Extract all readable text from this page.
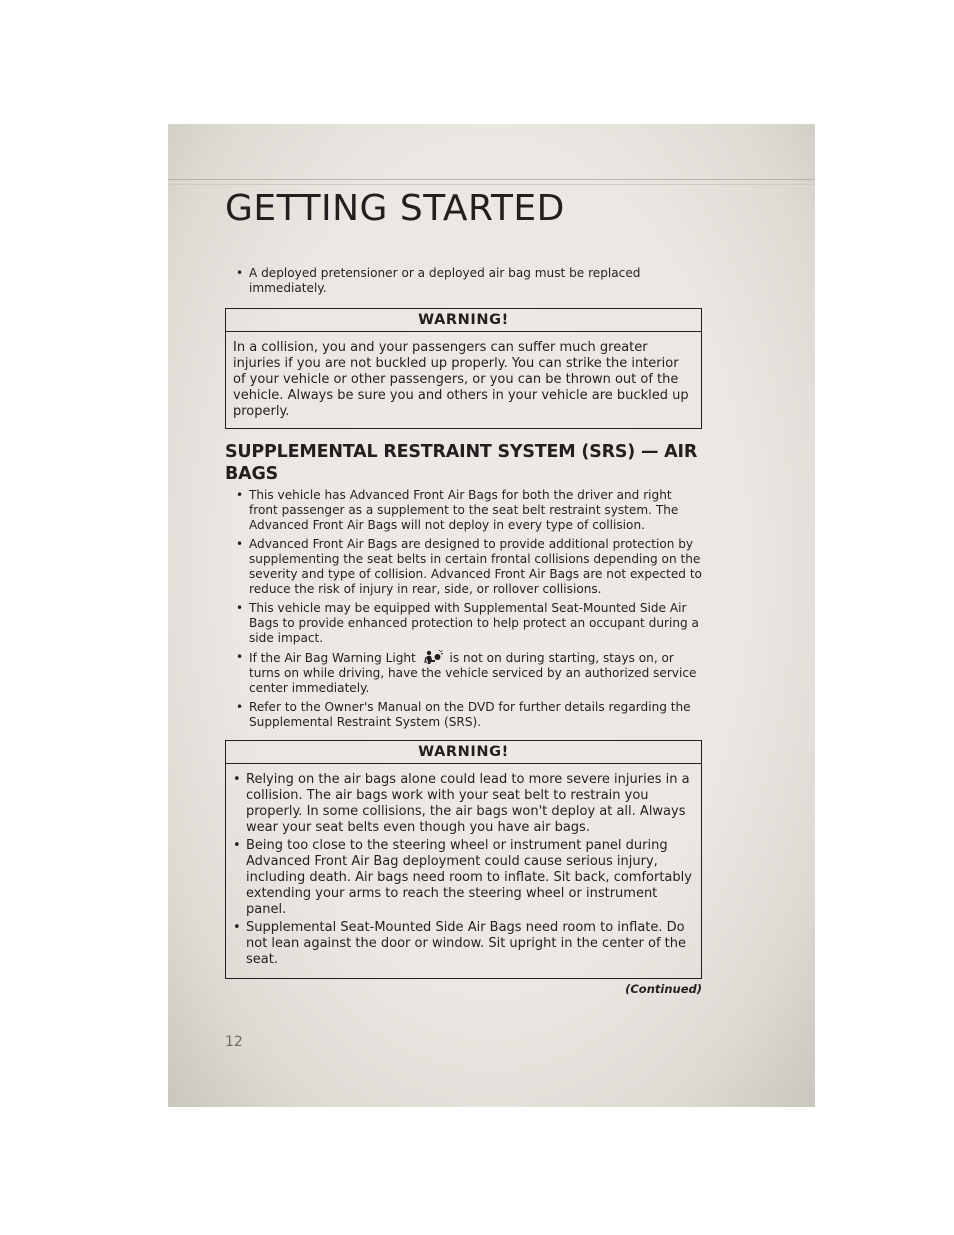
GETTING STARTED
• A deployed pretensioner or a deployed air bag must be replaced immediately.
WARNING!
In a collision, you and your passengers can suffer much greater injuries if you are not buckled up properly. You can strike the interior of your vehicle or other passengers, or you can be thrown out of the vehicle. Always be sure you and others in your vehicle are buckled up properly.
SUPPLEMENTAL RESTRAINT SYSTEM (SRS) — AIR BAGS
• This vehicle has Advanced Front Air Bags for both the driver and right front passenger as a supplement to the seat belt restraint system. The Advanced Front Air Bags will not deploy in every type of collision.
• Advanced Front Air Bags are designed to provide additional protection by supplementing the seat belts in certain frontal collisions depending on the severity and type of collision. Advanced Front Air Bags are not expected to reduce the risk of injury in rear, side, or rollover collisions.
• This vehicle may be equipped with Supplemental Seat-Mounted Side Air Bags to provide enhanced protection to help protect an occupant during a side impact.
• If the Air Bag Warning Light	is not on during starting, stays on, or turns on while driving, have the vehicle serviced by an authorized service center immediately.
• Refer to the Owner's Manual on the DVD for further details regarding the Supplemental Restraint System (SRS).
WARNING!
• Relying on the air bags alone could lead to more severe injuries in a collision. The air bags work with your seat belt to restrain you properly. In some collisions, the air bags won't deploy at all. Always wear your seat belts even though you have air bags.
• Being too close to the steering wheel or instrument panel during Advanced Front Air Bag deployment could cause serious injury, including death. Air bags need room to inflate. Sit back, comfortably extending your arms to reach the steering wheel or instrument panel.
• Supplemental Seat-Mounted Side Air Bags need room to inflate. Do not lean against the door or window. Sit upright in the center of the seat.
(Continued)
12
